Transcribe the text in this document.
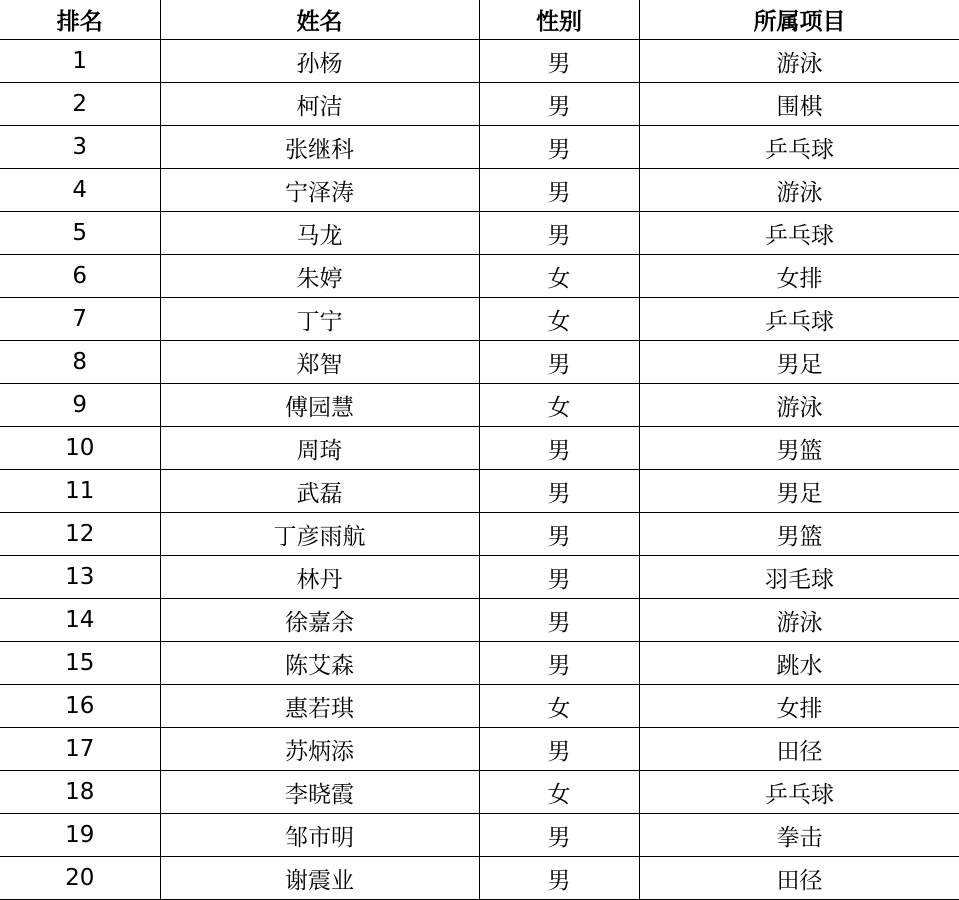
排名	姓名	性别	所属项目
1	孙杨	男	游泳
2	柯洁	男	围棋
3	张继科	男	乒乓球
4	宁泽涛	男	游泳
5	马龙	男	乒乓球
6	朱婷	女	女排
7	丁宁	女	乒乓球
8	郑智	男	男足
9	傅园慧	女	游泳
10	周琦	男	男篮
11	武磊	男	男足
12	丁彦雨航	男	男篮
13	林丹	男	羽毛球
14	徐嘉余	男	游泳
15	陈艾森	男	跳水
16	惠若琪	女	女排
17	苏炳添	男	田径
18	李晓霞	女	乒乓球
19	邹市明	男	拳击
20	谢震业	男	田径
